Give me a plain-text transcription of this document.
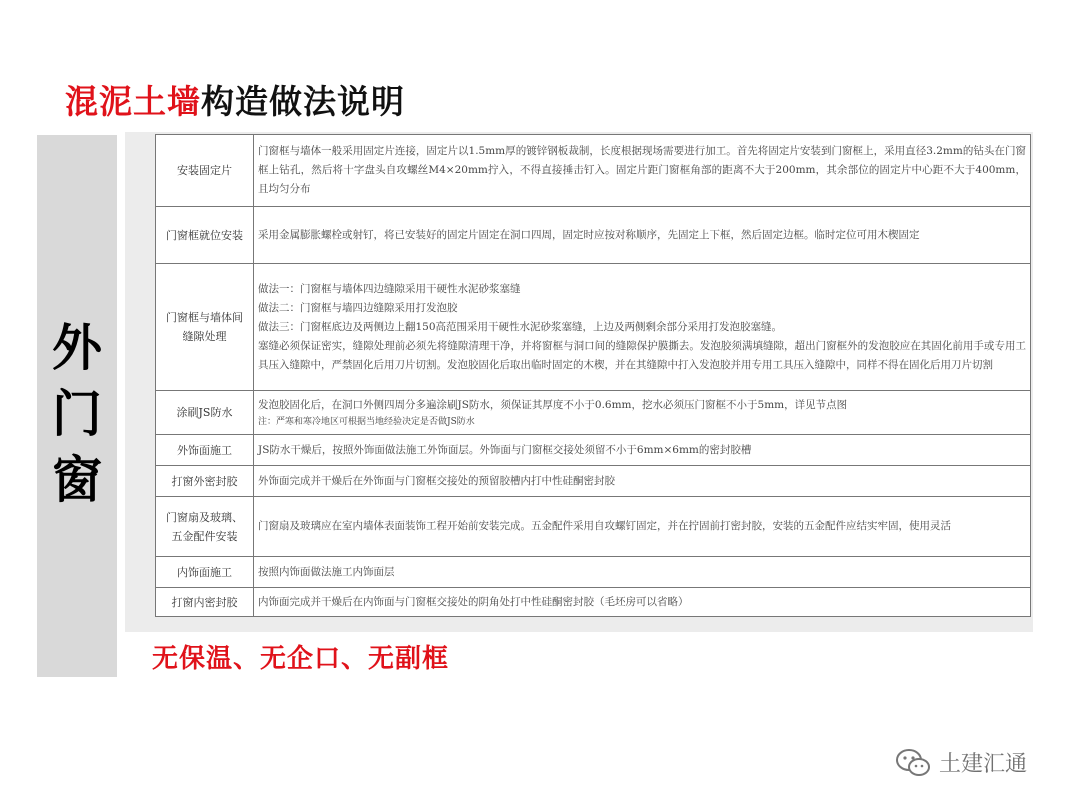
混泥土墙构造做法说明
外
门
窗
安装固定片	门窗框与墙体一般采用固定片连接，固定片以1.5mm厚的镀锌钢板裁制，长度根据现场需要进行加工。首先将固定片安装到门窗框上，采用直径3.2mm的钻头在门窗框上钻孔，然后将十字盘头自攻螺丝M4×20mm拧入，不得直接捶击钉入。固定片距门窗框角部的距离不大于200mm，其余部位的固定片中心距不大于400mm，且均匀分布

门窗框就位安装	采用金属膨胀螺栓或射钉，将已安装好的固定片固定在洞口四周，固定时应按对称顺序，先固定上下框，然后固定边框。临时定位可用木楔固定

门窗框与墙体间
缝隙处理	做法一：门窗框与墙体四边缝隙采用干硬性水泥砂浆塞缝
做法二：门窗框与墙四边缝隙采用打发泡胶
做法三：门窗框底边及两侧边上翻150高范围采用干硬性水泥砂浆塞缝，上边及两侧剩余部分采用打发泡胶塞缝。
塞缝必须保证密实，缝隙处理前必须先将缝隙清理干净，并将窗框与洞口间的缝隙保护膜撕去。发泡胶须满填缝隙，超出门窗框外的发泡胶应在其固化前用手或专用工具压入缝隙中，严禁固化后用刀片切割。发泡胶固化后取出临时固定的木楔，并在其缝隙中打入发泡胶并用专用工具压入缝隙中，同样不得在固化后用刀片切割

涂刷JS防水	发泡胶固化后，在洞口外侧四周分多遍涂刷JS防水，须保证其厚度不小于0.6mm，挖水必须压门窗框不小于5mm，详见节点图
注：严寒和寒冷地区可根据当地经验决定是否做JS防水

外饰面施工	JS防水干燥后，按照外饰面做法施工外饰面层。外饰面与门窗框交接处须留不小于6mm×6mm的密封胶槽

打窗外密封胶	外饰面完成并干燥后在外饰面与门窗框交接处的预留胶槽内打中性硅酮密封胶

门窗扇及玻璃、
五金配件安装	门窗扇及玻璃应在室内墙体表面装饰工程开始前安装完成。五金配件采用自攻螺钉固定，并在拧固前打密封胶，安装的五金配件应结实牢固，使用灵活

内饰面施工	按照内饰面做法施工内饰面层

打窗内密封胶	内饰面完成并干燥后在内饰面与门窗框交接处的阴角处打中性硅酮密封胶（毛坯房可以省略）
无保温、无企口、无副框
土建汇通
